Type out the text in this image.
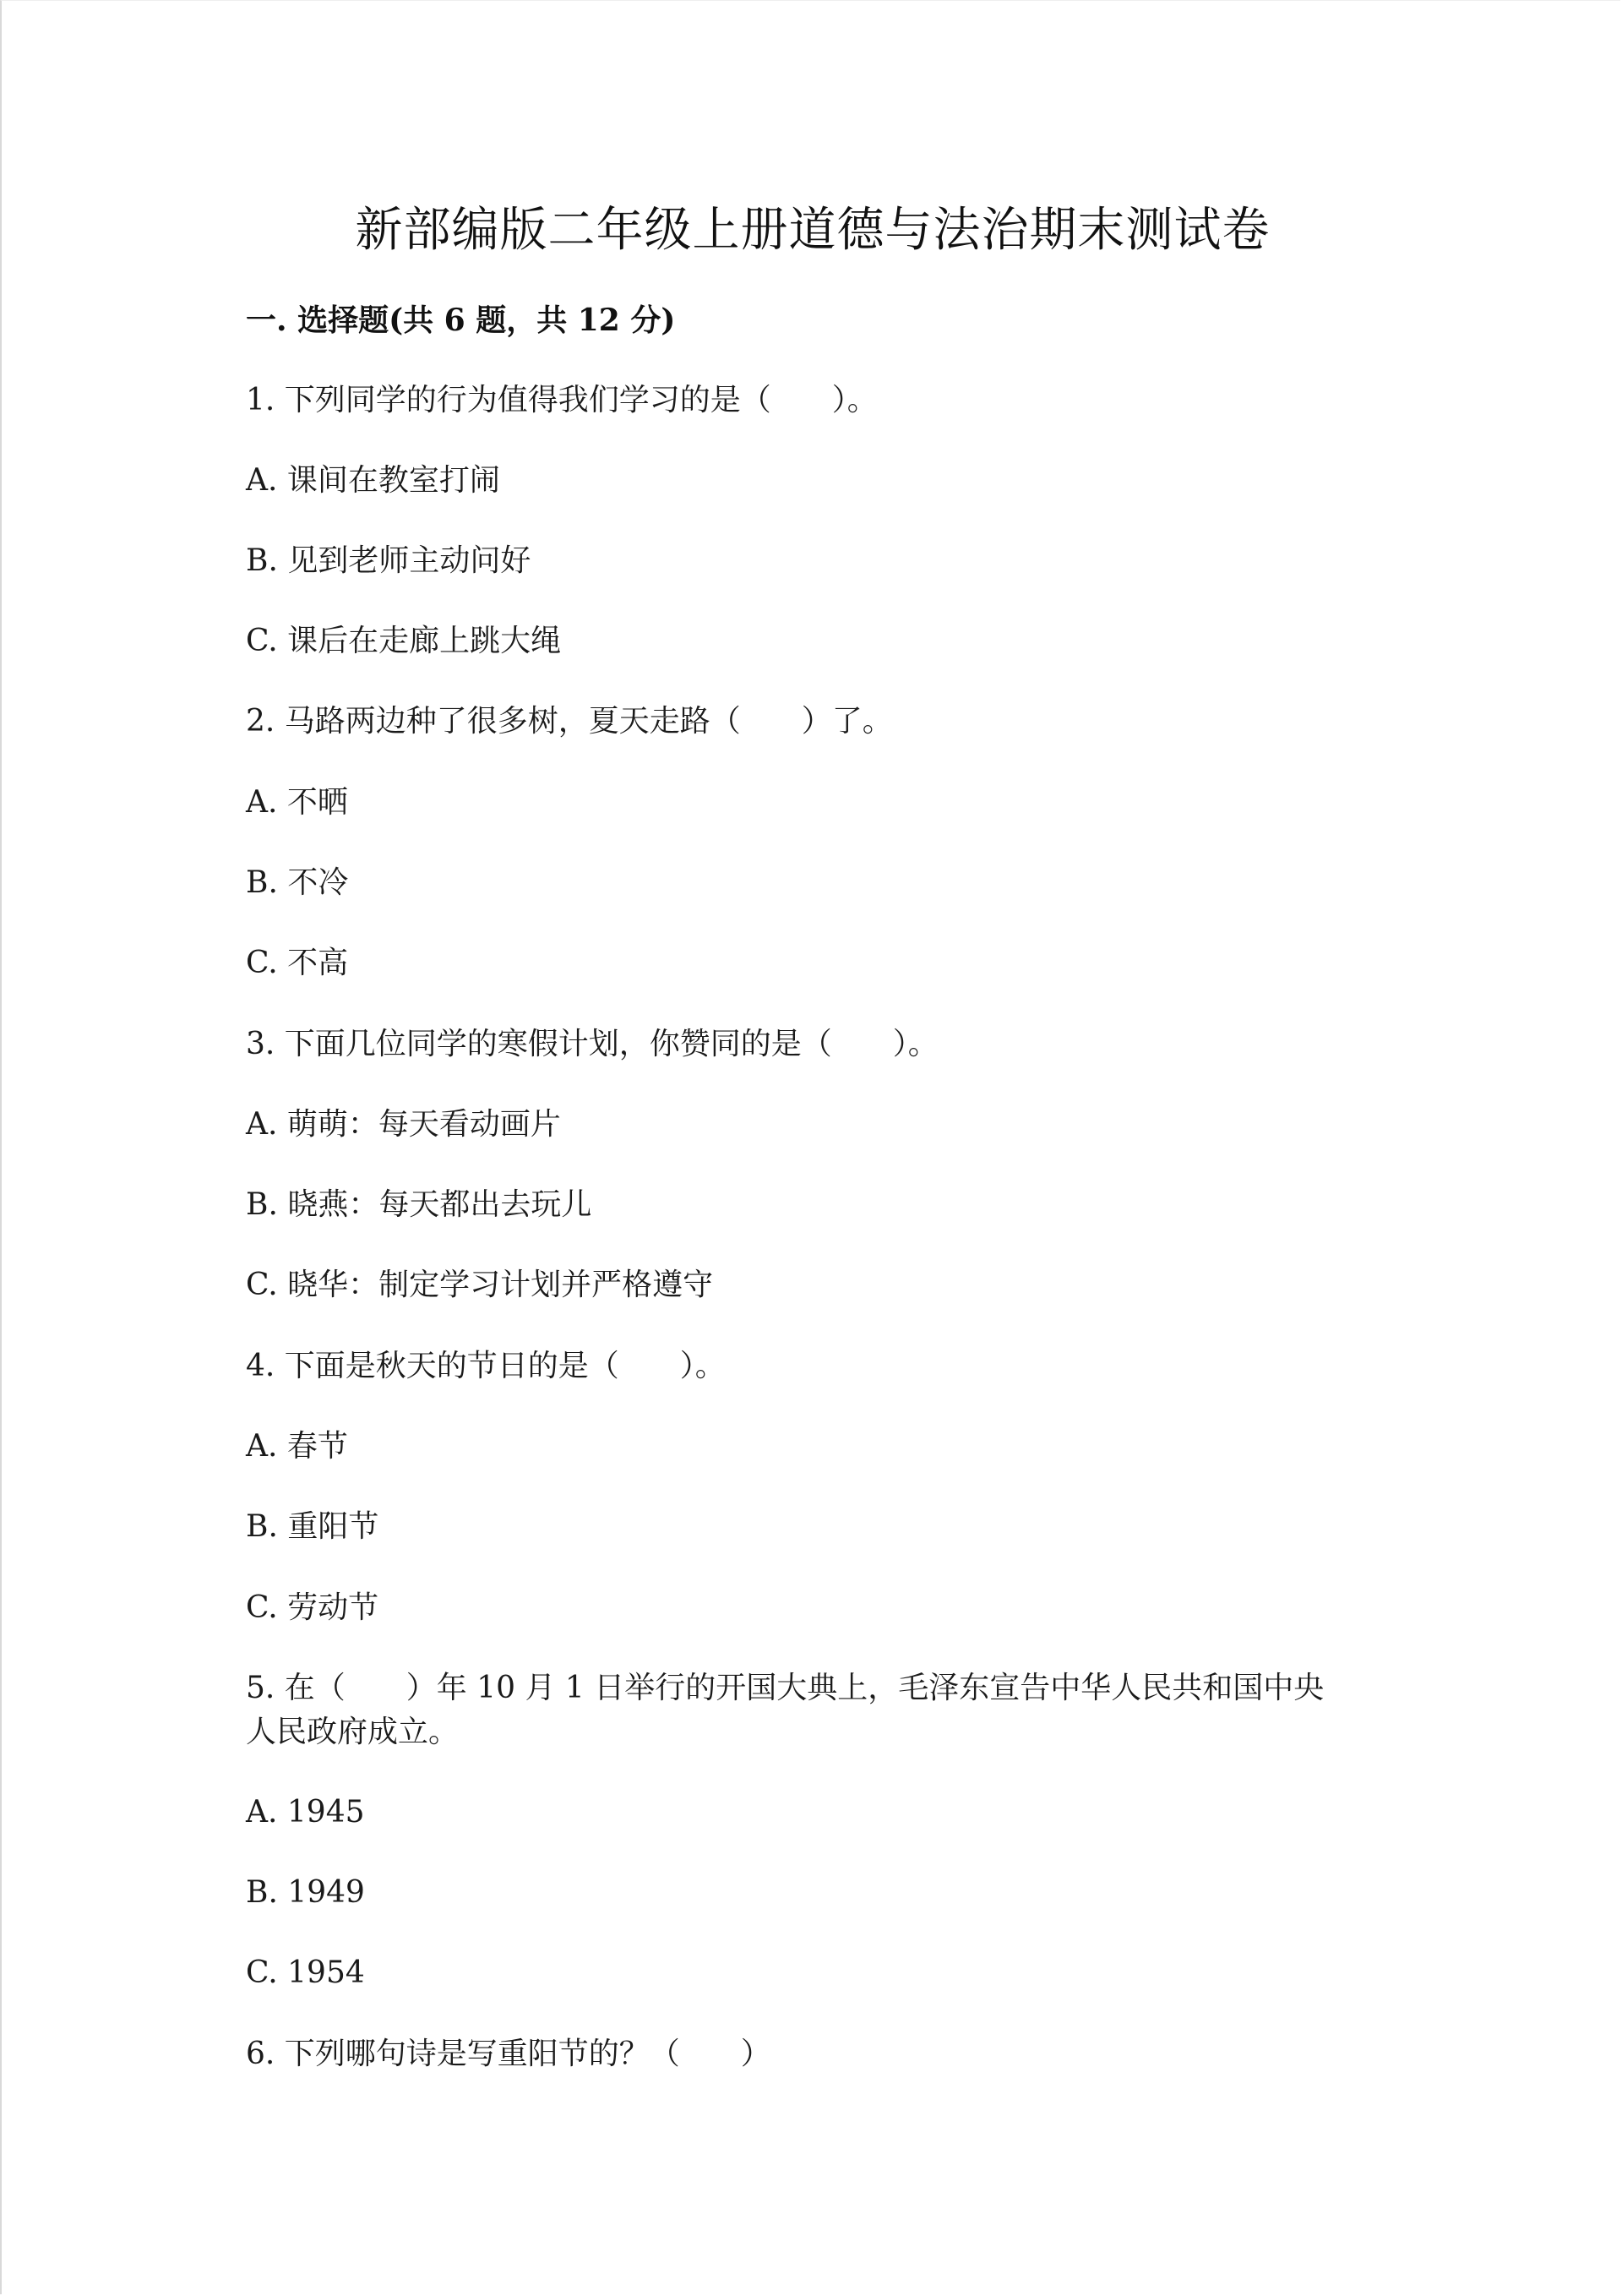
新部编版二年级上册道德与法治期末测试卷
一. 选择题(共 6 题，共 12 分)
1. 下列同学的行为值得我们学习的是（　　）。
A. 课间在教室打闹
B. 见到老师主动问好
C. 课后在走廊上跳大绳
2. 马路两边种了很多树，夏天走路（　　）了。
A. 不晒
B. 不冷
C. 不高
3. 下面几位同学的寒假计划，你赞同的是（　　）。
A. 萌萌：每天看动画片
B. 晓燕：每天都出去玩儿
C. 晓华：制定学习计划并严格遵守
4. 下面是秋天的节日的是（　　）。
A. 春节
B. 重阳节
C. 劳动节
5. 在（　　）年 10 月 1 日举行的开国大典上，毛泽东宣告中华人民共和国中央
人民政府成立。
A. 1945
B. 1949
C. 1954
6. 下列哪句诗是写重阳节的？（　　）
